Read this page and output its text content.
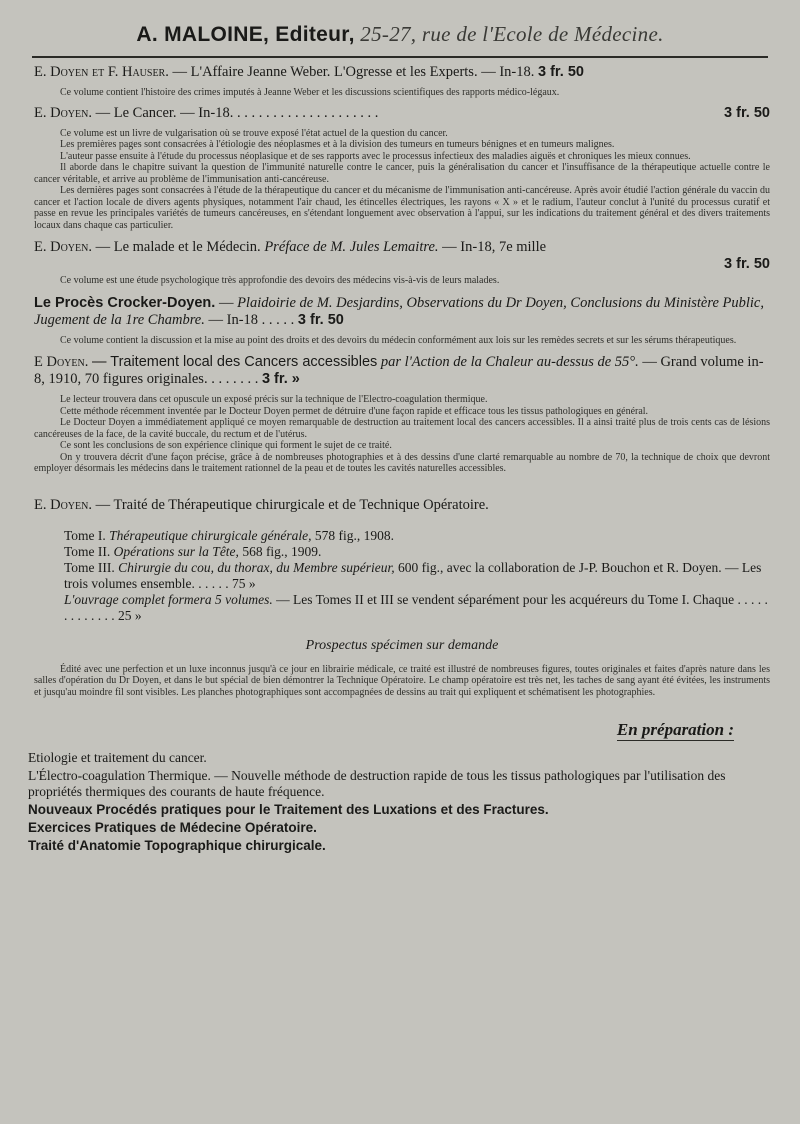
A. MALOINE, Editeur, 25-27, rue de l'Ecole de Médecine.

E. Doyen et F. Hauser. — L'Affaire Jeanne Weber. L'Ogresse et les Experts. — In-18. 3 fr. 50

Ce volume contient l'histoire des crimes imputés à Jeanne Weber et les discussions scientifiques des rapports médico-légaux.

E. Doyen. — Le Cancer. — In-18. . . . . . . . . . . . . . . . . . . . .	3 fr. 50

Ce volume est un livre de vulgarisation où se trouve exposé l'état actuel de la question du cancer.

Les premières pages sont consacrées à l'étiologie des néoplasmes et à la division des tumeurs en tumeurs bénignes et en tumeurs malignes.

L'auteur passe ensuite à l'étude du processus néoplasique et de ses rapports avec le processus infectieux des maladies aiguës et chroniques les mieux connues.

Il aborde dans le chapitre suivant la question de l'immunité naturelle contre le cancer, puis la généralisation du cancer et l'insuffisance de la thérapeutique actuelle contre le cancer véritable, et arrive au problème de l'immunisation anti-cancéreuse.

Les dernières pages sont consacrées à l'étude de la thérapeutique du cancer et du mécanisme de l'immunisation anti-cancéreuse. Après avoir étudié l'action générale du vaccin du cancer et l'action locale de divers agents physiques, notamment l'air chaud, les étincelles électriques, les rayons « X » et le radium, l'auteur conclut à l'unité du processus curatif et passe en revue les principales variétés de tumeurs cancéreuses, en s'étendant longuement avec observation à l'appui, sur les indications du traitement général et des divers traitements locaux dans chaque cas particulier.

E. Doyen. — Le malade et le Médecin. Préface de M. Jules Lemaitre. — In-18, 7e mille

3 fr. 50

Ce volume est une étude psychologique très approfondie des devoirs des médecins vis-à-vis de leurs malades.

Le Procès Crocker-Doyen. — Plaidoirie de M. Desjardins, Observations du Dr Doyen, Conclusions du Ministère Public, Jugement de la 1re Chambre. — In-18 . . . . . 3 fr. 50

Ce volume contient la discussion et la mise au point des droits et des devoirs du médecin conformément aux lois sur les remèdes secrets et sur les sérums thérapeutiques.

E Doyen. — Traitement local des Cancers accessibles par l'Action de la Chaleur au-dessus de 55°. — Grand volume in-8, 1910, 70 figures originales. . . . . . . . 3 fr. »

Le lecteur trouvera dans cet opuscule un exposé précis sur la technique de l'Electro-coagulation thermique.

Cette méthode récemment inventée par le Docteur Doyen permet de détruire d'une façon rapide et efficace tous les tissus pathologiques en général.

Le Docteur Doyen a immédiatement appliqué ce moyen remarquable de destruction au traitement local des cancers accessibles. Il a ainsi traité plus de trois cents cas de lésions cancéreuses de la face, de la cavité buccale, du rectum et de l'utérus.

Ce sont les conclusions de son expérience clinique qui forment le sujet de ce traité.

On y trouvera décrit d'une façon précise, grâce à de nombreuses photographies et à des dessins d'une clarté remarquable au nombre de 70, la technique de choix que devront employer désormais les médecins dans le traitement rationnel de la peau et de toutes les cavités naturelles accessibles.

E. Doyen. — Traité de Thérapeutique chirurgicale et de Technique Opératoire.

Tome I. Thérapeutique chirurgicale générale, 578 fig., 1908.
Tome II. Opérations sur la Tête, 568 fig., 1909.
Tome III. Chirurgie du cou, du thorax, du Membre supérieur, 600 fig., avec la collaboration de J-P. Bouchon et R. Doyen. — Les trois volumes ensemble. . . . . . 75 »
L'ouvrage complet formera 5 volumes. — Les Tomes II et III se vendent séparément pour les acquéreurs du Tome I. Chaque . . . . . . . . . . . . . 25 »

Prospectus spécimen sur demande

Édité avec une perfection et un luxe inconnus jusqu'à ce jour en librairie médicale, ce traité est illustré de nombreuses figures, toutes originales et faites d'après nature dans les salles d'opération du Dr Doyen, et dans le but spécial de bien démontrer la Technique Opératoire. Le champ opératoire est très net, les taches de sang ayant été évitées, les instruments et jusqu'au moindre fil sont visibles. Les planches photographiques sont accompagnées de dessins au trait qui expliquent et schématisent les photographies.

En préparation :
Etiologie et traitement du cancer.
L'Électro-coagulation Thermique. — Nouvelle méthode de destruction rapide de tous les tissus pathologiques par l'utilisation des propriétés thermiques des courants de haute fréquence.
Nouveaux Procédés pratiques pour le Traitement des Luxations et des Fractures.
Exercices Pratiques de Médecine Opératoire.
Traité d'Anatomie Topographique chirurgicale.
